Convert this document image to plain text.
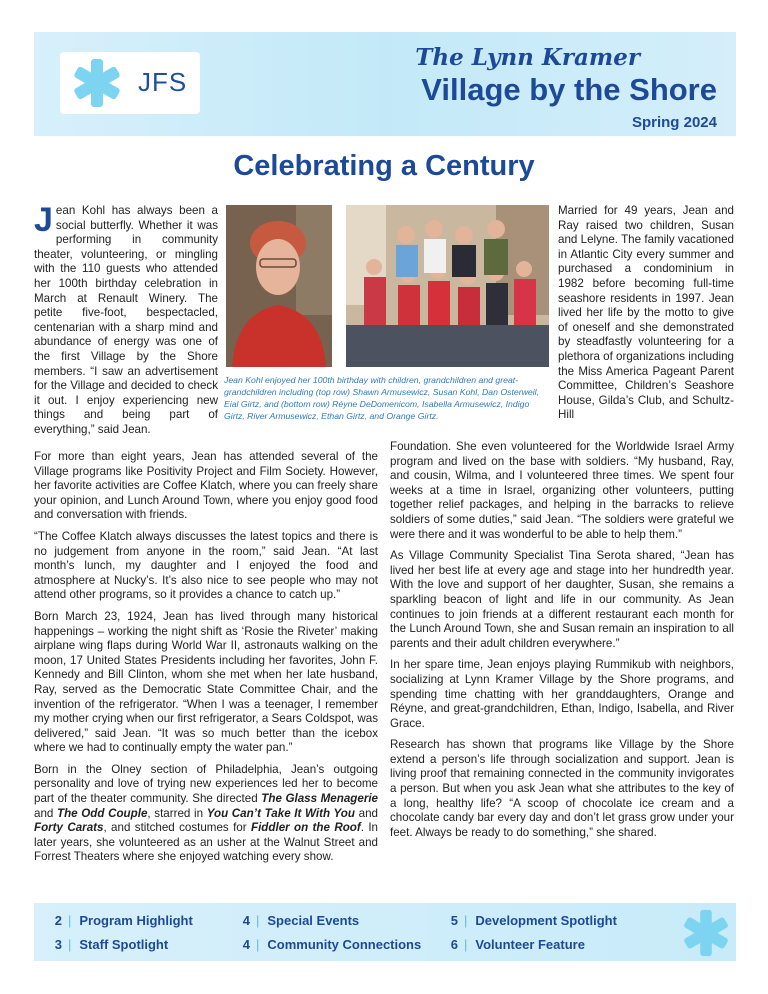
JFS
The Lynn Kramer
Village by the Shore
Spring 2024
Celebrating a Century

Jean Kohl has always been a social butterfly. Whether it was performing in community theater, volunteering, or mingling with the 110 guests who attended her 100th birthday celebration in March at Renault Winery. The petite five-foot, bespectacled, centenarian with a sharp mind and abundance of energy was one of the first Village by the Shore members. “I saw an advertisement for the Village and decided to check it out. I enjoy experiencing new things and being part of everything,” said Jean.

Jean Kohl enjoyed her 100th birthday with children, grandchildren and great-grandchildren including (top row) Shawn Armusewicz, Susan Kohl, Dan Osterweil, Eial Girtz, and (bottom row) Réyne DeDomenicom, Isabella Armusewicz, Indigo Girtz, River Armusewicz, Ethan Girtz, and Orange Girtz.

For more than eight years, Jean has attended several of the Village programs like Positivity Project and Film Society. However, her favorite activities are Coffee Klatch, where you can freely share your opinion, and Lunch Around Town, where you enjoy good food and conversation with friends.

“The Coffee Klatch always discusses the latest topics and there is no judgement from anyone in the room,” said Jean. “At last month’s lunch, my daughter and I enjoyed the food and atmosphere at Nucky’s. It’s also nice to see people who may not attend other programs, so it provides a chance to catch up.”

Born March 23, 1924, Jean has lived through many historical happenings – working the night shift as ‘Rosie the Riveter’ making airplane wing flaps during World War II, astronauts walking on the moon, 17 United States Presidents including her favorites, John F. Kennedy and Bill Clinton, whom she met when her late husband, Ray, served as the Democratic State Committee Chair, and the invention of the refrigerator. “When I was a teenager, I remember my mother crying when our first refrigerator, a Sears Coldspot, was delivered,” said Jean. “It was so much better than the icebox where we had to continually empty the water pan.”

Born in the Olney section of Philadelphia, Jean’s outgoing personality and love of trying new experiences led her to become part of the theater community. She directed The Glass Menagerie and The Odd Couple, starred in You Can’t Take It With You and Forty Carats, and stitched costumes for Fiddler on the Roof. In later years, she volunteered as an usher at the Walnut Street and Forrest Theaters where she enjoyed watching every show.

Married for 49 years, Jean and Ray raised two children, Susan and Lelyne. The family vacationed in Atlantic City every summer and purchased a condominium in 1982 before becoming full-time seashore residents in 1997. Jean lived her life by the motto to give of oneself and she demonstrated by steadfastly volunteering for a plethora of organizations including the Miss America Pageant Parent Committee, Children’s Seashore House, Gilda’s Club, and Schultz-Hill

Foundation. She even volunteered for the Worldwide Israel Army program and lived on the base with soldiers. “My husband, Ray, and cousin, Wilma, and I volunteered three times. We spent four weeks at a time in Israel, organizing other volunteers, putting together relief packages, and helping in the barracks to relieve soldiers of some duties,” said Jean. “The soldiers were grateful we were there and it was wonderful to be able to help them.”

As Village Community Specialist Tina Serota shared, “Jean has lived her best life at every age and stage into her hundredth year. With the love and support of her daughter, Susan, she remains a sparkling beacon of light and life in our community. As Jean continues to join friends at a different restaurant each month for the Lunch Around Town, she and Susan remain an inspiration to all parents and their adult children everywhere.”

In her spare time, Jean enjoys playing Rummikub with neighbors, socializing at Lynn Kramer Village by the Shore programs, and spending time chatting with her granddaughters, Orange and Réyne, and great-grandchildren, Ethan, Indigo, Isabella, and River Grace.

Research has shown that programs like Village by the Shore extend a person’s life through socialization and support. Jean is living proof that remaining connected in the community invigorates a person. But when you ask Jean what she attributes to the key of a long, healthy life? “A scoop of chocolate ice cream and a chocolate candy bar every day and don’t let grass grow under your feet. Always be ready to do something,” she shared.

2 | Program Highlight
3 | Staff Spotlight
4 | Special Events
4 | Community Connections
5 | Development Spotlight
6 | Volunteer Feature
